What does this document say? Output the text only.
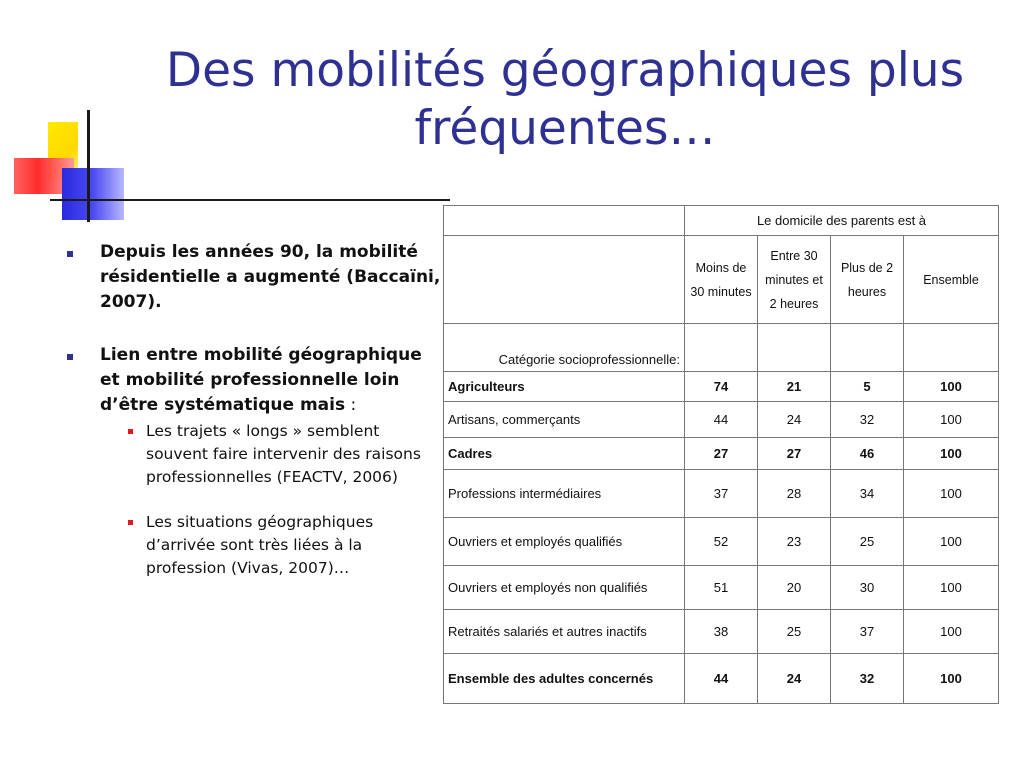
Des mobilités géographiques plus fréquentes…
Depuis les années 90, la mobilité résidentielle a augmenté (Baccaïni, 2007).
Lien entre mobilité géographique et mobilité professionnelle loin d’être systématique mais :
Les trajets « longs » semblent souvent faire intervenir des raisons professionnelles (FEACTV, 2006)
Les situations géographiques d’arrivée sont très liées à la profession (Vivas, 2007)…
	Le domicile des parents est à			
	Moins de 30 minutes	Entre 30 minutes et 2 heures	Plus de 2 heures	Ensemble
Catégorie socioprofessionnelle:				
Agriculteurs	74	21	5	100
Artisans, commerçants	44	24	32	100
Cadres	27	27	46	100
Professions intermédiaires	37	28	34	100
Ouvriers et employés qualifiés	52	23	25	100
Ouvriers et employés non qualifiés	51	20	30	100
Retraités salariés et autres inactifs	38	25	37	100
Ensemble des adultes concernés	44	24	32	100
